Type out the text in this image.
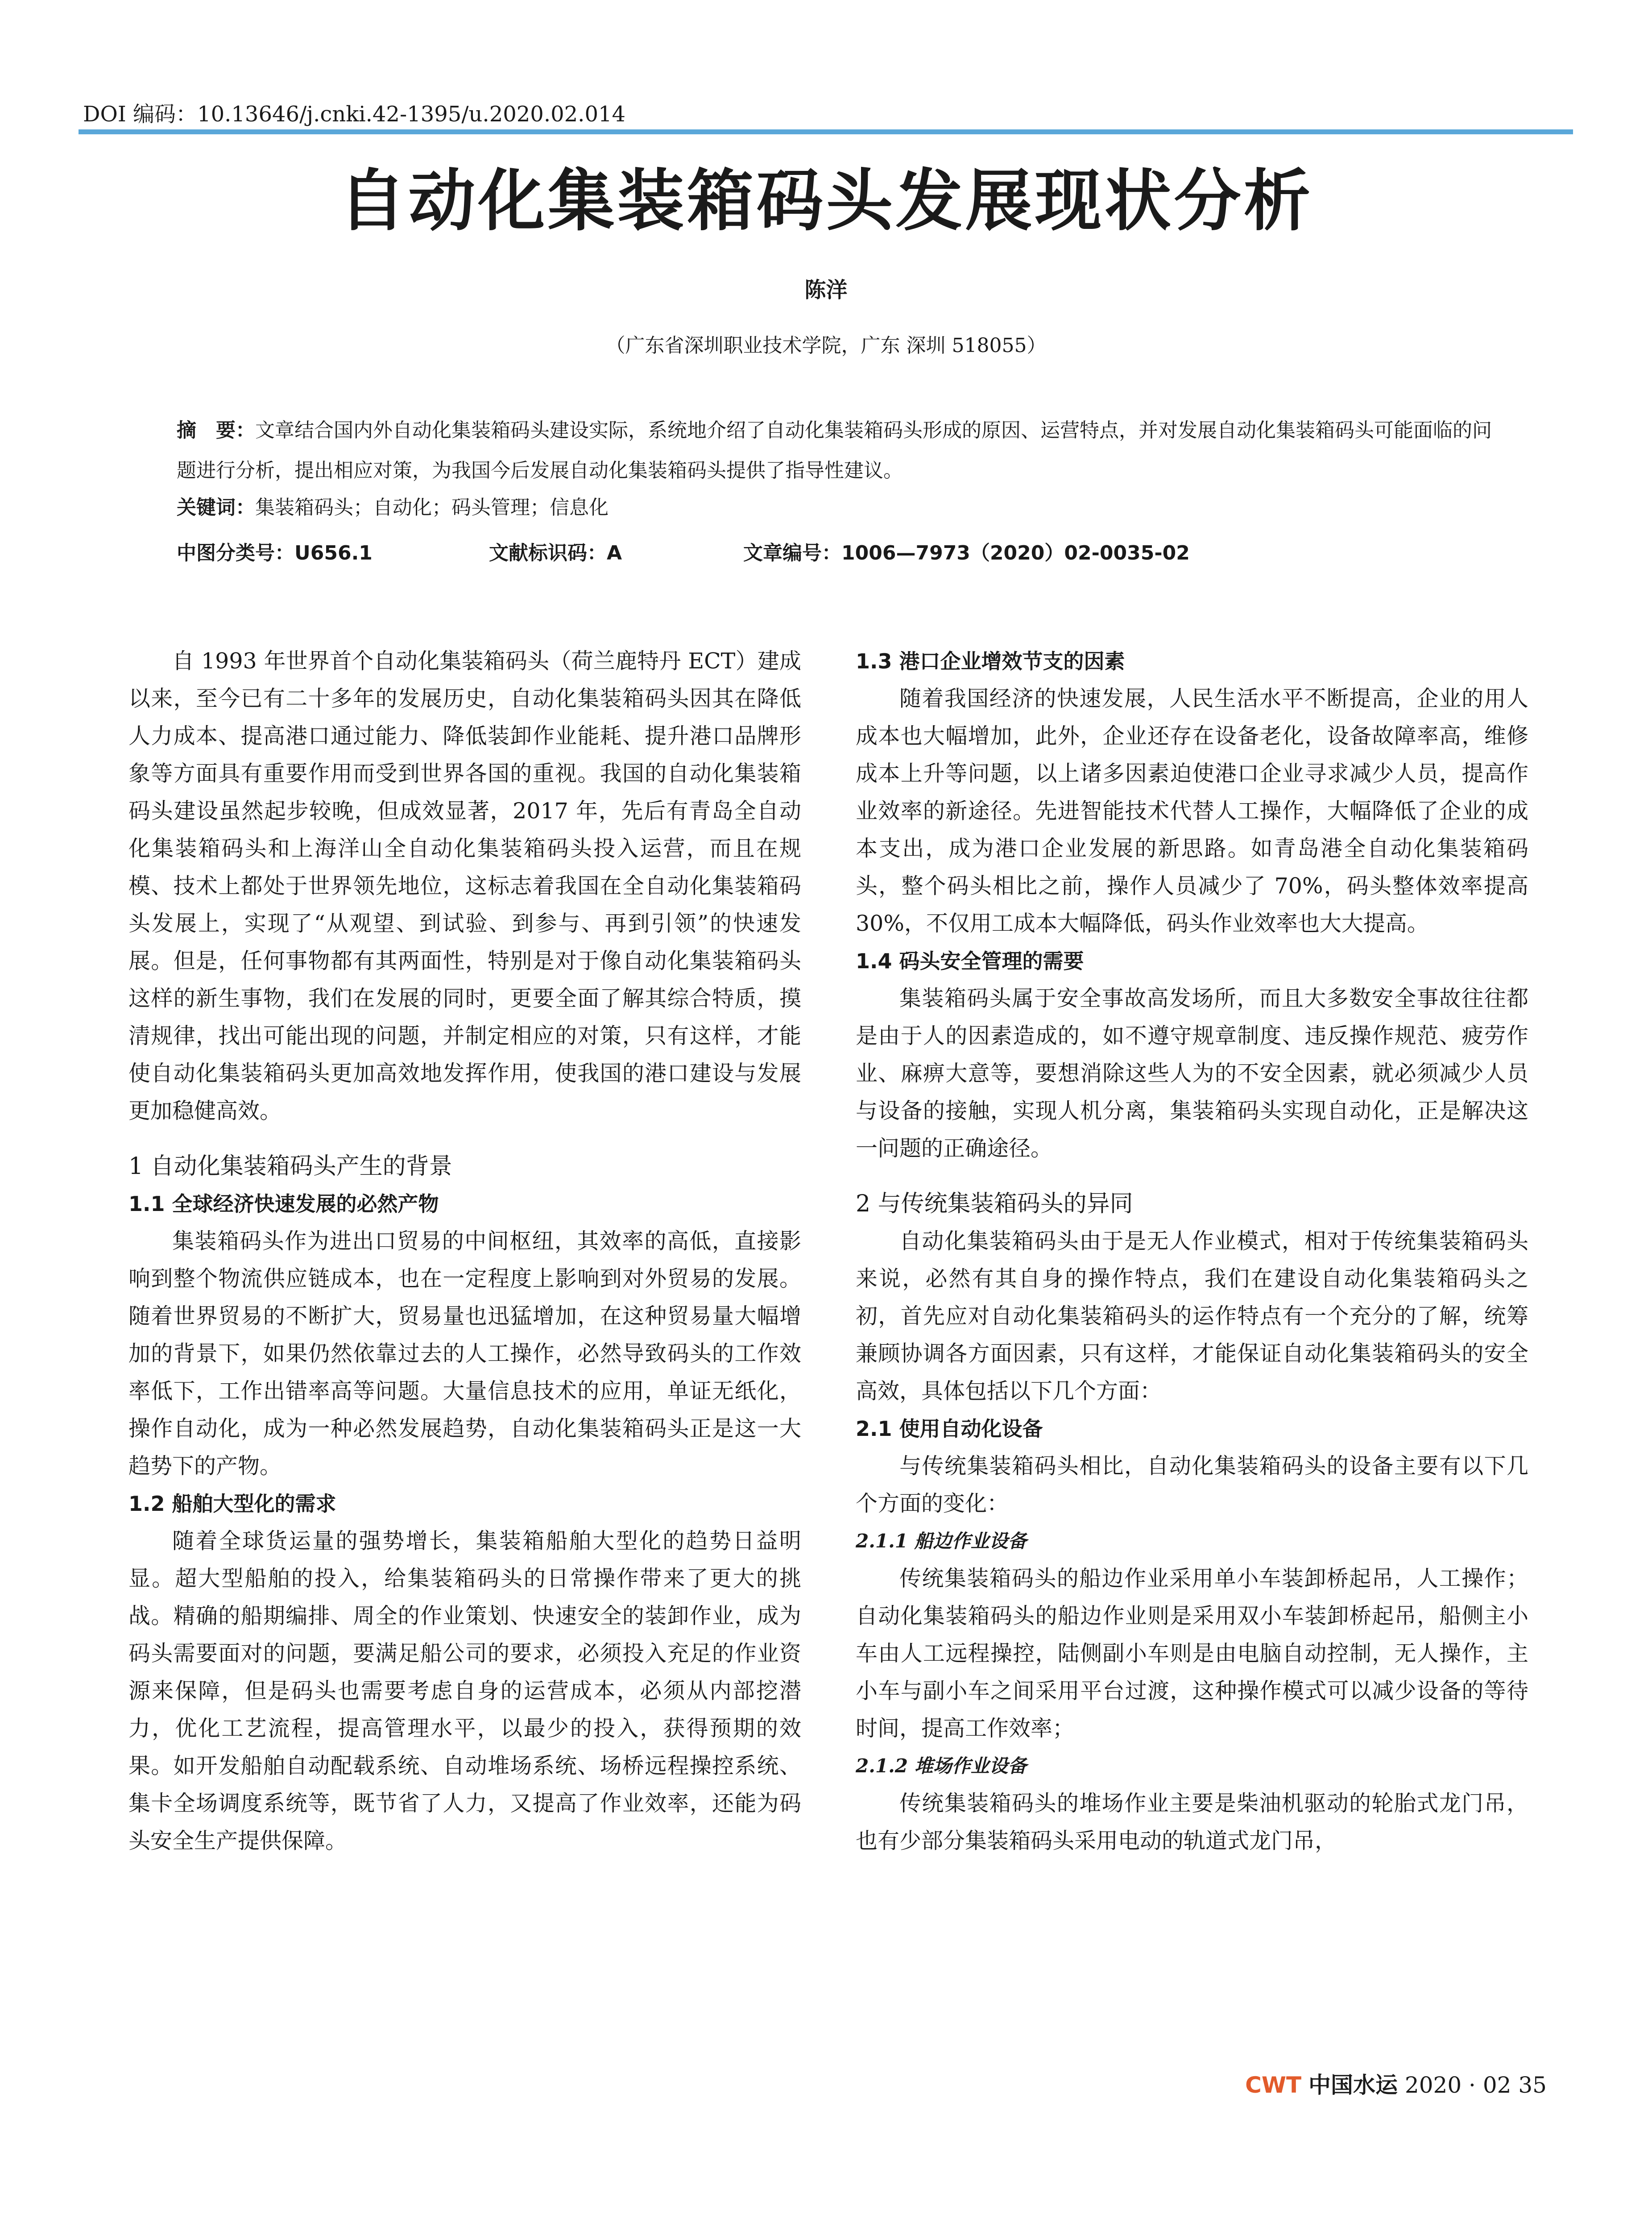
DOI 编码：10.13646/j.cnki.42-1395/u.2020.02.014
自动化集装箱码头发展现状分析
陈洋
（广东省深圳职业技术学院，广东 深圳 518055）
摘　要：文章结合国内外自动化集装箱码头建设实际，系统地介绍了自动化集装箱码头形成的原因、运营特点，并对发展自动化集装箱码头可能面临的问题进行分析，提出相应对策，为我国今后发展自动化集装箱码头提供了指导性建议。
关键词：集装箱码头；自动化；码头管理；信息化
中图分类号：U656.1	文献标识码：A	文章编号：1006—7973（2020）02-0035-02

自 1993 年世界首个自动化集装箱码头（荷兰鹿特丹 ECT）建成以来，至今已有二十多年的发展历史，自动化集装箱码头因其在降低人力成本、提高港口通过能力、降低装卸作业能耗、提升港口品牌形象等方面具有重要作用而受到世界各国的重视。我国的自动化集装箱码头建设虽然起步较晚，但成效显著，2017 年，先后有青岛全自动化集装箱码头和上海洋山全自动化集装箱码头投入运营，而且在规模、技术上都处于世界领先地位，这标志着我国在全自动化集装箱码头发展上，实现了“从观望、到试验、到参与、再到引领”的快速发展。但是，任何事物都有其两面性，特别是对于像自动化集装箱码头这样的新生事物，我们在发展的同时，更要全面了解其综合特质，摸清规律，找出可能出现的问题，并制定相应的对策，只有这样，才能使自动化集装箱码头更加高效地发挥作用，使我国的港口建设与发展更加稳健高效。

1 自动化集装箱码头产生的背景
1.1 全球经济快速发展的必然产物

集装箱码头作为进出口贸易的中间枢纽，其效率的高低，直接影响到整个物流供应链成本，也在一定程度上影响到对外贸易的发展。随着世界贸易的不断扩大，贸易量也迅猛增加，在这种贸易量大幅增加的背景下，如果仍然依靠过去的人工操作，必然导致码头的工作效率低下，工作出错率高等问题。大量信息技术的应用，单证无纸化，操作自动化，成为一种必然发展趋势，自动化集装箱码头正是这一大趋势下的产物。

1.2 船舶大型化的需求

随着全球货运量的强势增长，集装箱船舶大型化的趋势日益明显。超大型船舶的投入，给集装箱码头的日常操作带来了更大的挑战。精确的船期编排、周全的作业策划、快速安全的装卸作业，成为码头需要面对的问题，要满足船公司的要求，必须投入充足的作业资源来保障，但是码头也需要考虑自身的运营成本，必须从内部挖潜力，优化工艺流程，提高管理水平，以最少的投入，获得预期的效果。如开发船舶自动配载系统、自动堆场系统、场桥远程操控系统、集卡全场调度系统等，既节省了人力，又提高了作业效率，还能为码头安全生产提供保障。

1.3 港口企业增效节支的因素

随着我国经济的快速发展，人民生活水平不断提高，企业的用人成本也大幅增加，此外，企业还存在设备老化，设备故障率高，维修成本上升等问题，以上诸多因素迫使港口企业寻求减少人员，提高作业效率的新途径。先进智能技术代替人工操作，大幅降低了企业的成本支出，成为港口企业发展的新思路。如青岛港全自动化集装箱码头，整个码头相比之前，操作人员减少了 70%，码头整体效率提高 30%，不仅用工成本大幅降低，码头作业效率也大大提高。

1.4 码头安全管理的需要

集装箱码头属于安全事故高发场所，而且大多数安全事故往往都是由于人的因素造成的，如不遵守规章制度、违反操作规范、疲劳作业、麻痹大意等，要想消除这些人为的不安全因素，就必须减少人员与设备的接触，实现人机分离，集装箱码头实现自动化，正是解决这一问题的正确途径。

2 与传统集装箱码头的异同

自动化集装箱码头由于是无人作业模式，相对于传统集装箱码头来说，必然有其自身的操作特点，我们在建设自动化集装箱码头之初，首先应对自动化集装箱码头的运作特点有一个充分的了解，统筹兼顾协调各方面因素，只有这样，才能保证自动化集装箱码头的安全高效，具体包括以下几个方面：

2.1 使用自动化设备

与传统集装箱码头相比，自动化集装箱码头的设备主要有以下几个方面的变化：

2.1.1 船边作业设备

传统集装箱码头的船边作业采用单小车装卸桥起吊，人工操作；自动化集装箱码头的船边作业则是采用双小车装卸桥起吊，船侧主小车由人工远程操控，陆侧副小车则是由电脑自动控制，无人操作，主小车与副小车之间采用平台过渡，这种操作模式可以减少设备的等待时间，提高工作效率；

2.1.2 堆场作业设备

传统集装箱码头的堆场作业主要是柴油机驱动的轮胎式龙门吊，也有少部分集装箱码头采用电动的轨道式龙门吊，

CWT 中国水运 2020 · 02 35
